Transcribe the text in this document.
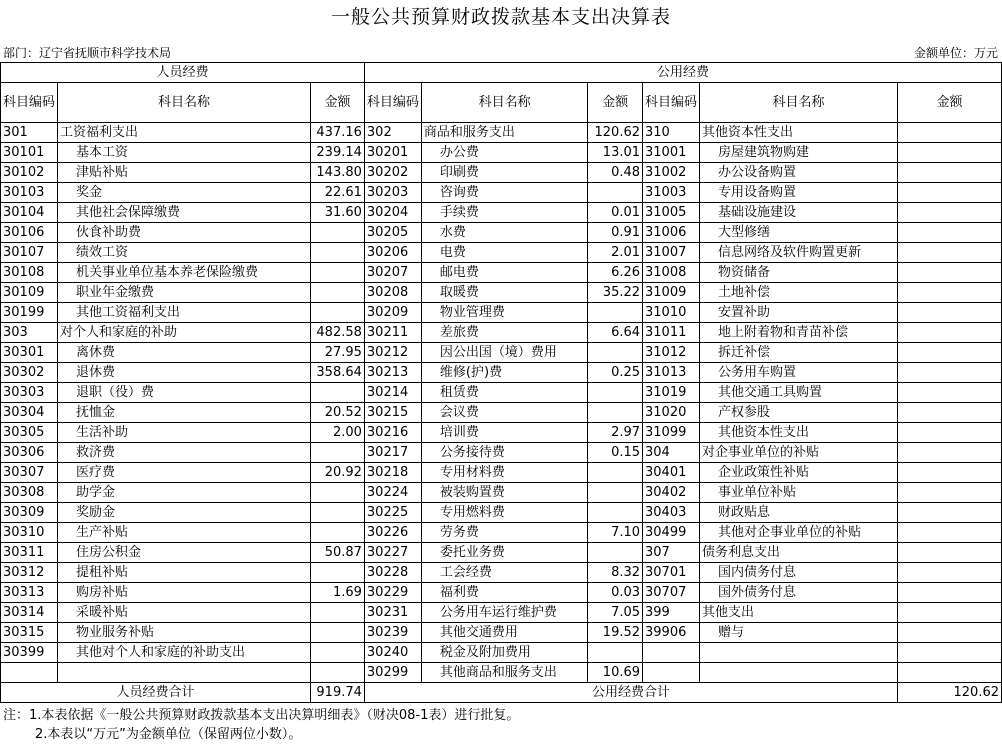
一般公共预算财政拨款基本支出决算表
部门：辽宁省抚顺市科学技术局	金额单位：万元
人员经费			公用经费					
科目编码	科目名称	金额	科目编码	科目名称	金额	科目编码	科目名称	金额
301	工资福利支出	437.16	302	商品和服务支出	120.62	310	其他资本性支出	
30101	基本工资	239.14	30201	办公费	13.01	31001	房屋建筑物购建	
30102	津贴补贴	143.80	30202	印刷费	0.48	31002	办公设备购置	
30103	奖金	22.61	30203	咨询费		31003	专用设备购置	
30104	其他社会保障缴费	31.60	30204	手续费	0.01	31005	基础设施建设	
30106	伙食补助费		30205	水费	0.91	31006	大型修缮	
30107	绩效工资		30206	电费	2.01	31007	信息网络及软件购置更新	
30108	机关事业单位基本养老保险缴费		30207	邮电费	6.26	31008	物资储备	
30109	职业年金缴费		30208	取暖费	35.22	31009	土地补偿	
30199	其他工资福利支出		30209	物业管理费		31010	安置补助	
303	对个人和家庭的补助	482.58	30211	差旅费	6.64	31011	地上附着物和青苗补偿	
30301	离休费	27.95	30212	因公出国（境）费用		31012	拆迁补偿	
30302	退休费	358.64	30213	维修(护)费	0.25	31013	公务用车购置	
30303	退职（役）费		30214	租赁费		31019	其他交通工具购置	
30304	抚恤金	20.52	30215	会议费		31020	产权参股	
30305	生活补助	2.00	30216	培训费	2.97	31099	其他资本性支出	
30306	救济费		30217	公务接待费	0.15	304	对企事业单位的补贴	
30307	医疗费	20.92	30218	专用材料费		30401	企业政策性补贴	
30308	助学金		30224	被装购置费		30402	事业单位补贴	
30309	奖励金		30225	专用燃料费		30403	财政贴息	
30310	生产补贴		30226	劳务费	7.10	30499	其他对企事业单位的补贴	
30311	住房公积金	50.87	30227	委托业务费		307	债务利息支出	
30312	提租补贴		30228	工会经费	8.32	30701	国内债务付息	
30313	购房补贴	1.69	30229	福利费	0.03	30707	国外债务付息	
30314	采暖补贴		30231	公务用车运行维护费	7.05	399	其他支出	
30315	物业服务补贴		30239	其他交通费用	19.52	39906	赠与	
30399	其他对个人和家庭的补助支出		30240	税金及附加费用				
			30299	其他商品和服务支出	10.69			
人员经费合计		919.74	公用经费合计					120.62
注：1.本表依据《一般公共预算财政拨款基本支出决算明细表》（财决08-1表）进行批复。
2.本表以“万元”为金额单位（保留两位小数）。
